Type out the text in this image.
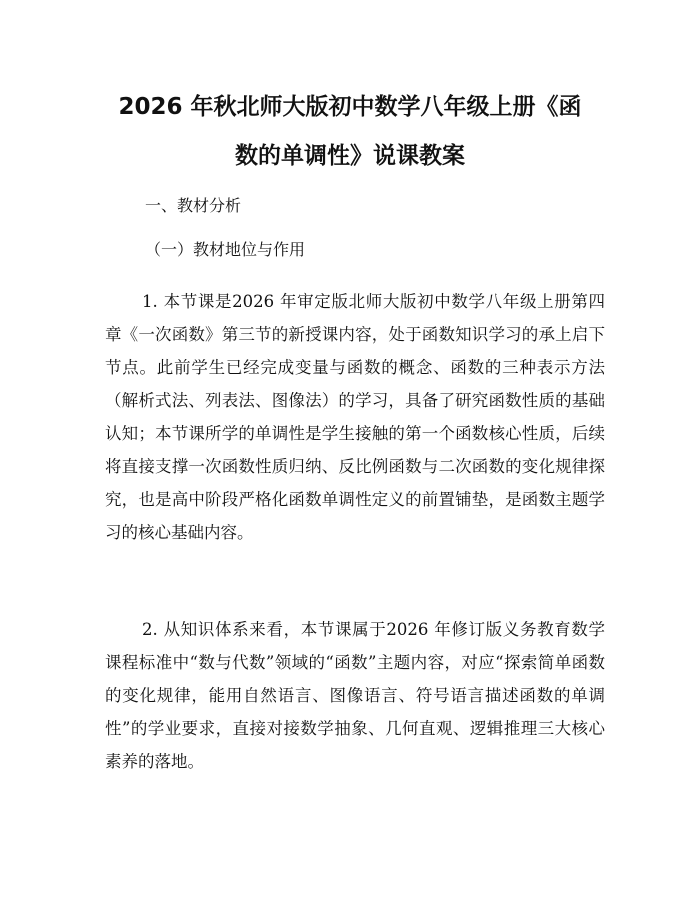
2026 年秋北师大版初中数学八年级上册《函
数的单调性》说课教案
一、教材分析
（一）教材地位与作用

1. 本节课是2026 年审定版北师大版初中数学八年级上册第四章《一次函数》第三节的新授课内容，处于函数知识学习的承上启下节点。此前学生已经完成变量与函数的概念、函数的三种表示方法（解析式法、列表法、图像法）的学习，具备了研究函数性质的基础认知；本节课所学的单调性是学生接触的第一个函数核心性质，后续将直接支撑一次函数性质归纳、反比例函数与二次函数的变化规律探究，也是高中阶段严格化函数单调性定义的前置铺垫，是函数主题学习的核心基础内容。

2. 从知识体系来看，本节课属于2026 年修订版义务教育数学课程标准中“数与代数”领域的“函数”主题内容，对应“探索简单函数的变化规律，能用自然语言、图像语言、符号语言描述函数的单调性”的学业要求，直接对接数学抽象、几何直观、逻辑推理三大核心素养的落地。
